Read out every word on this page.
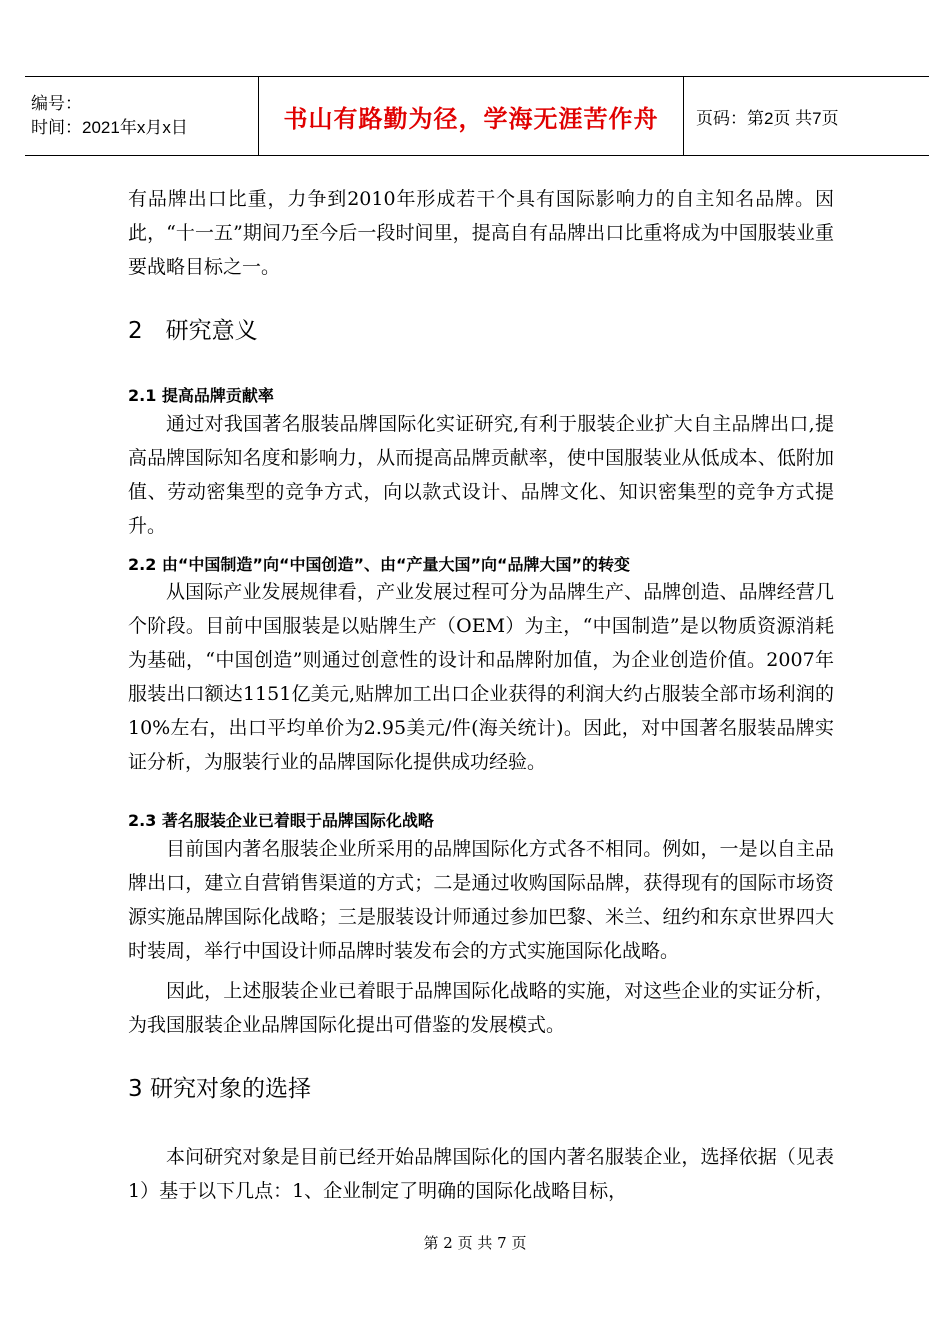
编号：
时间：2021年x月x日	书山有路勤为径，学海无涯苦作舟	页码：第2页 共7页

有品牌出口比重，力争到2010年形成若干个具有国际影响力的自主知名品牌。因此，“十一五”期间乃至今后一段时间里，提高自有品牌出口比重将成为中国服装业重要战略目标之一。

2　研究意义

2.1 提高品牌贡献率

通过对我国著名服装品牌国际化实证研究,有利于服装企业扩大自主品牌出口,提高品牌国际知名度和影响力，从而提高品牌贡献率，使中国服装业从低成本、低附加值、劳动密集型的竞争方式，向以款式设计、品牌文化、知识密集型的竞争方式提升。

2.2 由“中国制造”向“中国创造”、由“产量大国”向“品牌大国”的转变

从国际产业发展规律看，产业发展过程可分为品牌生产、品牌创造、品牌经营几个阶段。目前中国服装是以贴牌生产（OEM）为主，“中国制造”是以物质资源消耗为基础，“中国创造”则通过创意性的设计和品牌附加值，为企业创造价值。2007年服装出口额达1151亿美元,贴牌加工出口企业获得的利润大约占服装全部市场利润的10%左右，出口平均单价为2.95美元/件(海关统计)。因此，对中国著名服装品牌实证分析，为服装行业的品牌国际化提供成功经验。

2.3 著名服装企业已着眼于品牌国际化战略

目前国内著名服装企业所采用的品牌国际化方式各不相同。例如，一是以自主品牌出口，建立自营销售渠道的方式；二是通过收购国际品牌，获得现有的国际市场资源实施品牌国际化战略；三是服装设计师通过参加巴黎、米兰、纽约和东京世界四大时装周，举行中国设计师品牌时装发布会的方式实施国际化战略。

因此，上述服装企业已着眼于品牌国际化战略的实施，对这些企业的实证分析，为我国服装企业品牌国际化提出可借鉴的发展模式。

3 研究对象的选择

本问研究对象是目前已经开始品牌国际化的国内著名服装企业，选择依据（见表1）基于以下几点：1、企业制定了明确的国际化战略目标，

第 2 页 共 7 页
